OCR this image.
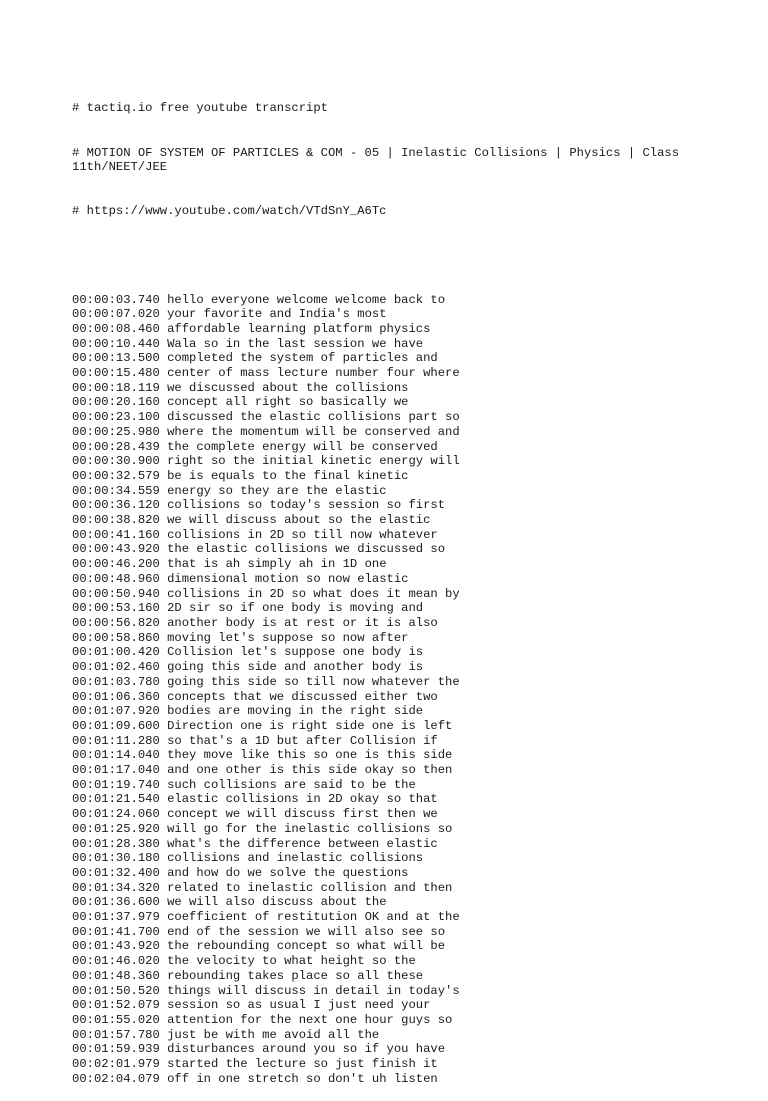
# tactiq.io free youtube transcript

# MOTION OF SYSTEM OF PARTICLES & COM - 05 | Inelastic Collisions | Physics | Class 11th/NEET/JEE

# https://www.youtube.com/watch/VTdSnY_A6Tc

00:00:03.740 hello everyone welcome welcome back to
00:00:07.020 your favorite and India's most
00:00:08.460 affordable learning platform physics
00:00:10.440 Wala so in the last session we have
00:00:13.500 completed the system of particles and
00:00:15.480 center of mass lecture number four where
00:00:18.119 we discussed about the collisions
00:00:20.160 concept all right so basically we
00:00:23.100 discussed the elastic collisions part so
00:00:25.980 where the momentum will be conserved and
00:00:28.439 the complete energy will be conserved
00:00:30.900 right so the initial kinetic energy will
00:00:32.579 be is equals to the final kinetic
00:00:34.559 energy so they are the elastic
00:00:36.120 collisions so today's session so first
00:00:38.820 we will discuss about so the elastic
00:00:41.160 collisions in 2D so till now whatever
00:00:43.920 the elastic collisions we discussed so
00:00:46.200 that is ah simply ah in 1D one
00:00:48.960 dimensional motion so now elastic
00:00:50.940 collisions in 2D so what does it mean by
00:00:53.160 2D sir so if one body is moving and
00:00:56.820 another body is at rest or it is also
00:00:58.860 moving let's suppose so now after
00:01:00.420 Collision let's suppose one body is
00:01:02.460 going this side and another body is
00:01:03.780 going this side so till now whatever the
00:01:06.360 concepts that we discussed either two
00:01:07.920 bodies are moving in the right side
00:01:09.600 Direction one is right side one is left
00:01:11.280 so that's a 1D but after Collision if
00:01:14.040 they move like this so one is this side
00:01:17.040 and one other is this side okay so then
00:01:19.740 such collisions are said to be the
00:01:21.540 elastic collisions in 2D okay so that
00:01:24.060 concept we will discuss first then we
00:01:25.920 will go for the inelastic collisions so
00:01:28.380 what's the difference between elastic
00:01:30.180 collisions and inelastic collisions
00:01:32.400 and how do we solve the questions
00:01:34.320 related to inelastic collision and then
00:01:36.600 we will also discuss about the
00:01:37.979 coefficient of restitution OK and at the
00:01:41.700 end of the session we will also see so
00:01:43.920 the rebounding concept so what will be
00:01:46.020 the velocity to what height so the
00:01:48.360 rebounding takes place so all these
00:01:50.520 things will discuss in detail in today's
00:01:52.079 session so as usual I just need your
00:01:55.020 attention for the next one hour guys so
00:01:57.780 just be with me avoid all the
00:01:59.939 disturbances around you so if you have
00:02:01.979 started the lecture so just finish it
00:02:04.079 off in one stretch so don't uh listen
